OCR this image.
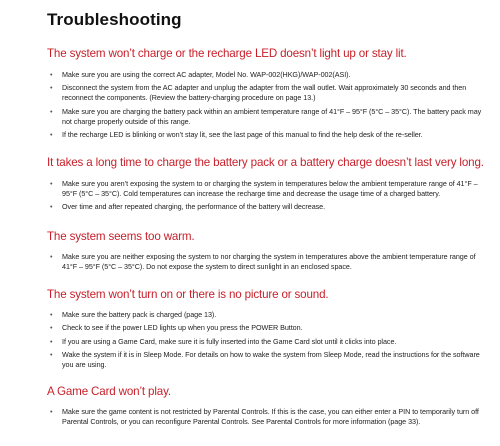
Troubleshooting
The system won’t charge or the recharge LED doesn’t light up or stay lit.
• Make sure you are using the correct AC adapter, Model No. WAP-002(HKG)/WAP-002(ASI).
• Disconnect the system from the AC adapter and unplug the adapter from the wall outlet. Wait approximately 30 seconds and then reconnect the components. (Review the battery-charging procedure on page 13.)
• Make sure you are charging the battery pack within an ambient temperature range of 41°F – 95°F (5°C – 35°C). The battery pack may not charge properly outside of this range.
• If the recharge LED is blinking or won’t stay lit, see the last page of this manual to find the help desk of the re-seller.
It takes a long time to charge the battery pack or a battery charge doesn’t last very long.
• Make sure you aren’t exposing the system to or charging the system in temperatures below the ambient temperature range of 41°F – 95°F (5°C – 35°C). Cold temperatures can increase the recharge time and decrease the usage time of a charged battery.
• Over time and after repeated charging, the performance of the battery will decrease.
The system seems too warm.
• Make sure you are neither exposing the system to nor charging the system in temperatures above the ambient temperature range of 41°F – 95°F (5°C – 35°C). Do not expose the system to direct sunlight in an enclosed space.
The system won’t turn on or there is no picture or sound.
• Make sure the battery pack is charged (page 13).
• Check to see if the power LED lights up when you press the POWER Button.
• If you are using a Game Card, make sure it is fully inserted into the Game Card slot until it clicks into place.
• Wake the system if it is in Sleep Mode. For details on how to wake the system from Sleep Mode, read the instructions for the software you are using.
A Game Card won’t play.
• Make sure the game content is not restricted by Parental Controls. If this is the case, you can either enter a PIN to temporarily turn off Parental Controls, or you can reconfigure Parental Controls. See Parental Controls for more information (page 33).
